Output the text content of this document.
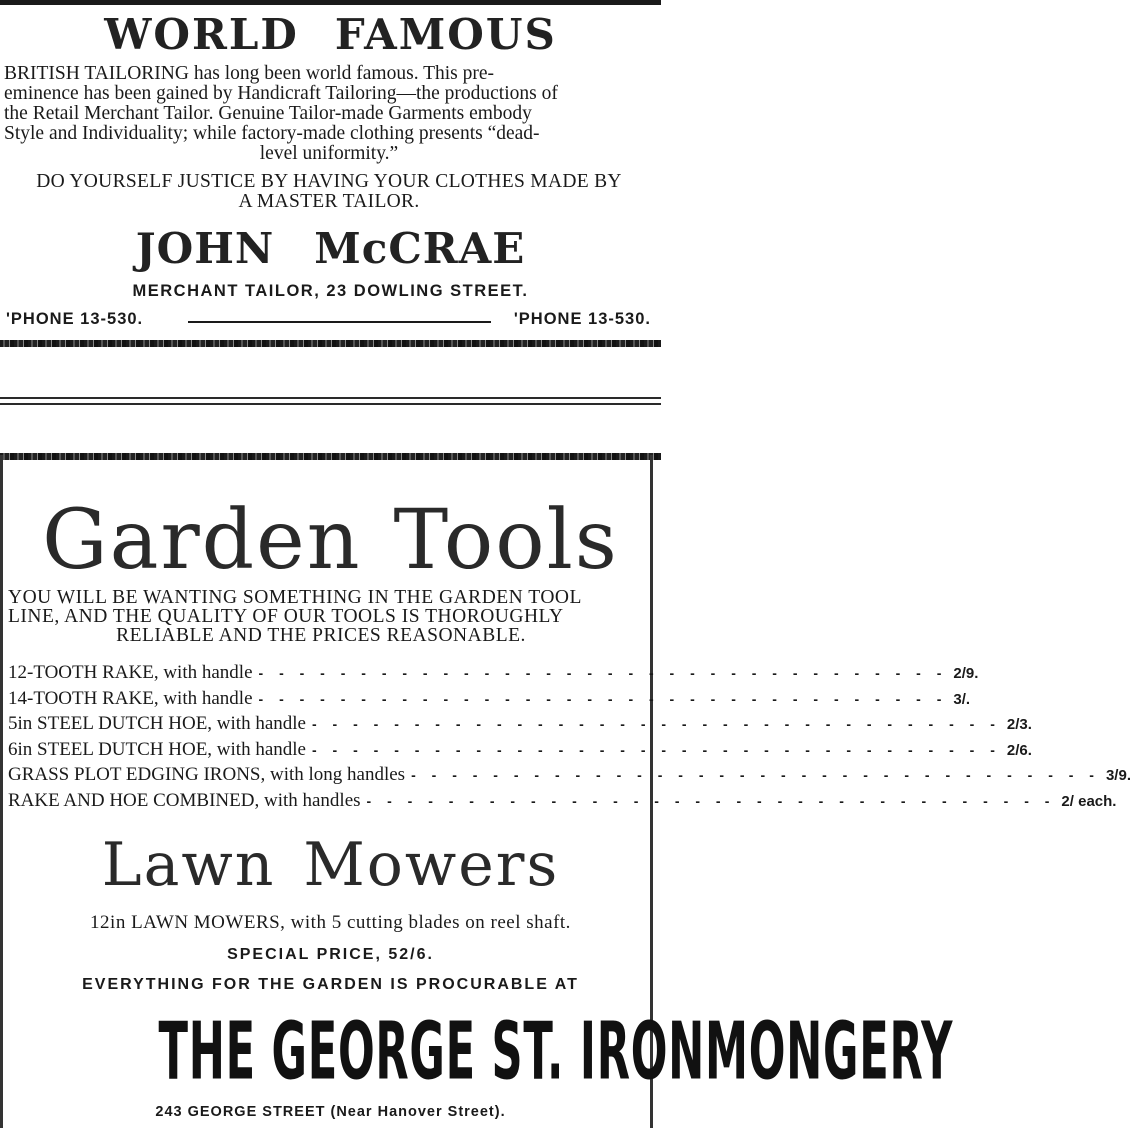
WORLD FAMOUS
BRITISH TAILORING has long been world famous. This pre-
eminence has been gained by Handicraft Tailoring—the productions of
the Retail Merchant Tailor. Genuine Tailor-made Garments embody
Style and Individuality; while factory-made clothing presents “dead-
level uniformity.”
DO YOURSELF JUSTICE BY HAVING YOUR CLOTHES MADE BY
A MASTER TAILOR.
JOHN McCRAE
MERCHANT TAILOR, 23 DOWLING STREET.
'PHONE 13-530.	'PHONE 13-530.
Garden Tools
YOU WILL BE WANTING SOMETHING IN THE GARDEN TOOL
LINE, AND THE QUALITY OF OUR TOOLS IS THOROUGHLY
RELIABLE AND THE PRICES REASONABLE.
12-TOOTH RAKE, with handle - - - - - - - - - - - - - - - - - - - - - - - - - - - - - - - - - - 2/9.
14-TOOTH RAKE, with handle - - - - - - - - - - - - - - - - - - - - - - - - - - - - - - - - - - 3/.
5in STEEL DUTCH HOE, with handle - - - - - - - - - - - - - - - - - - - - - - - - - - - - - - - - - - 2/3.
6in STEEL DUTCH HOE, with handle - - - - - - - - - - - - - - - - - - - - - - - - - - - - - - - - - - 2/6.
GRASS PLOT EDGING IRONS, with long handles - - - - - - - - - - - - - - - - - - - - - - - - - - - - - - - - - - 3/9.
RAKE AND HOE COMBINED, with handles - - - - - - - - - - - - - - - - - - - - - - - - - - - - - - - - - - 2/ each.
Lawn Mowers
12in LAWN MOWERS, with 5 cutting blades on reel shaft.
SPECIAL PRICE, 52/6.
EVERYTHING FOR THE GARDEN IS PROCURABLE AT
THE GEORGE ST. IRONMONGERY
243 GEORGE STREET (Near Hanover Street).
